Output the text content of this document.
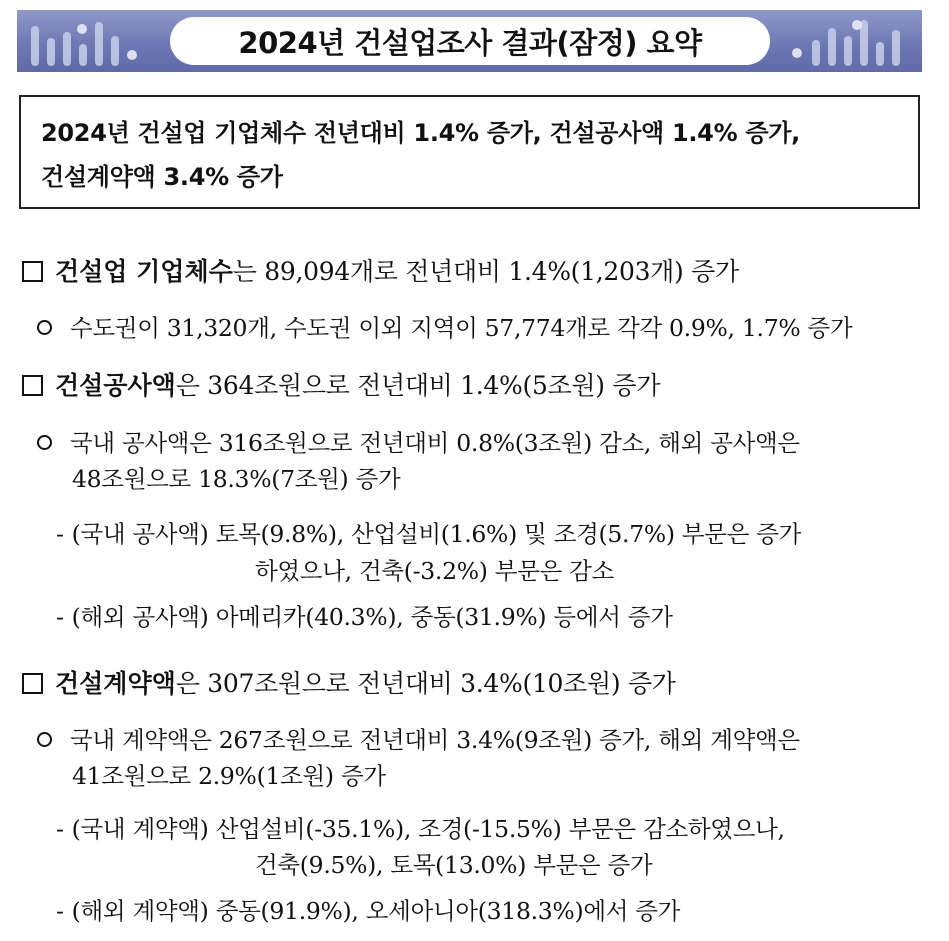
2024년 건설업조사 결과(잠정) 요약
2024년 건설업 기업체수 전년대비 1.4% 증가, 건설공사액 1.4% 증가,
건설계약액 3.4% 증가
건설업 기업체수는 89,094개로 전년대비 1.4%(1,203개) 증가
수도권이 31,320개, 수도권 이외 지역이 57,774개로 각각 0.9%, 1.7% 증가
건설공사액은 364조원으로 전년대비 1.4%(5조원) 증가
국내 공사액은 316조원으로 전년대비 0.8%(3조원) 감소, 해외 공사액은
48조원으로 18.3%(7조원) 증가
- (국내 공사액) 토목(9.8%), 산업설비(1.6%) 및 조경(5.7%) 부문은 증가
하였으나, 건축(-3.2%) 부문은 감소
- (해외 공사액) 아메리카(40.3%), 중동(31.9%) 등에서 증가
건설계약액은 307조원으로 전년대비 3.4%(10조원) 증가
국내 계약액은 267조원으로 전년대비 3.4%(9조원) 증가, 해외 계약액은
41조원으로 2.9%(1조원) 증가
- (국내 계약액) 산업설비(-35.1%), 조경(-15.5%) 부문은 감소하였으나,
건축(9.5%), 토목(13.0%) 부문은 증가
- (해외 계약액) 중동(91.9%), 오세아니아(318.3%)에서 증가
